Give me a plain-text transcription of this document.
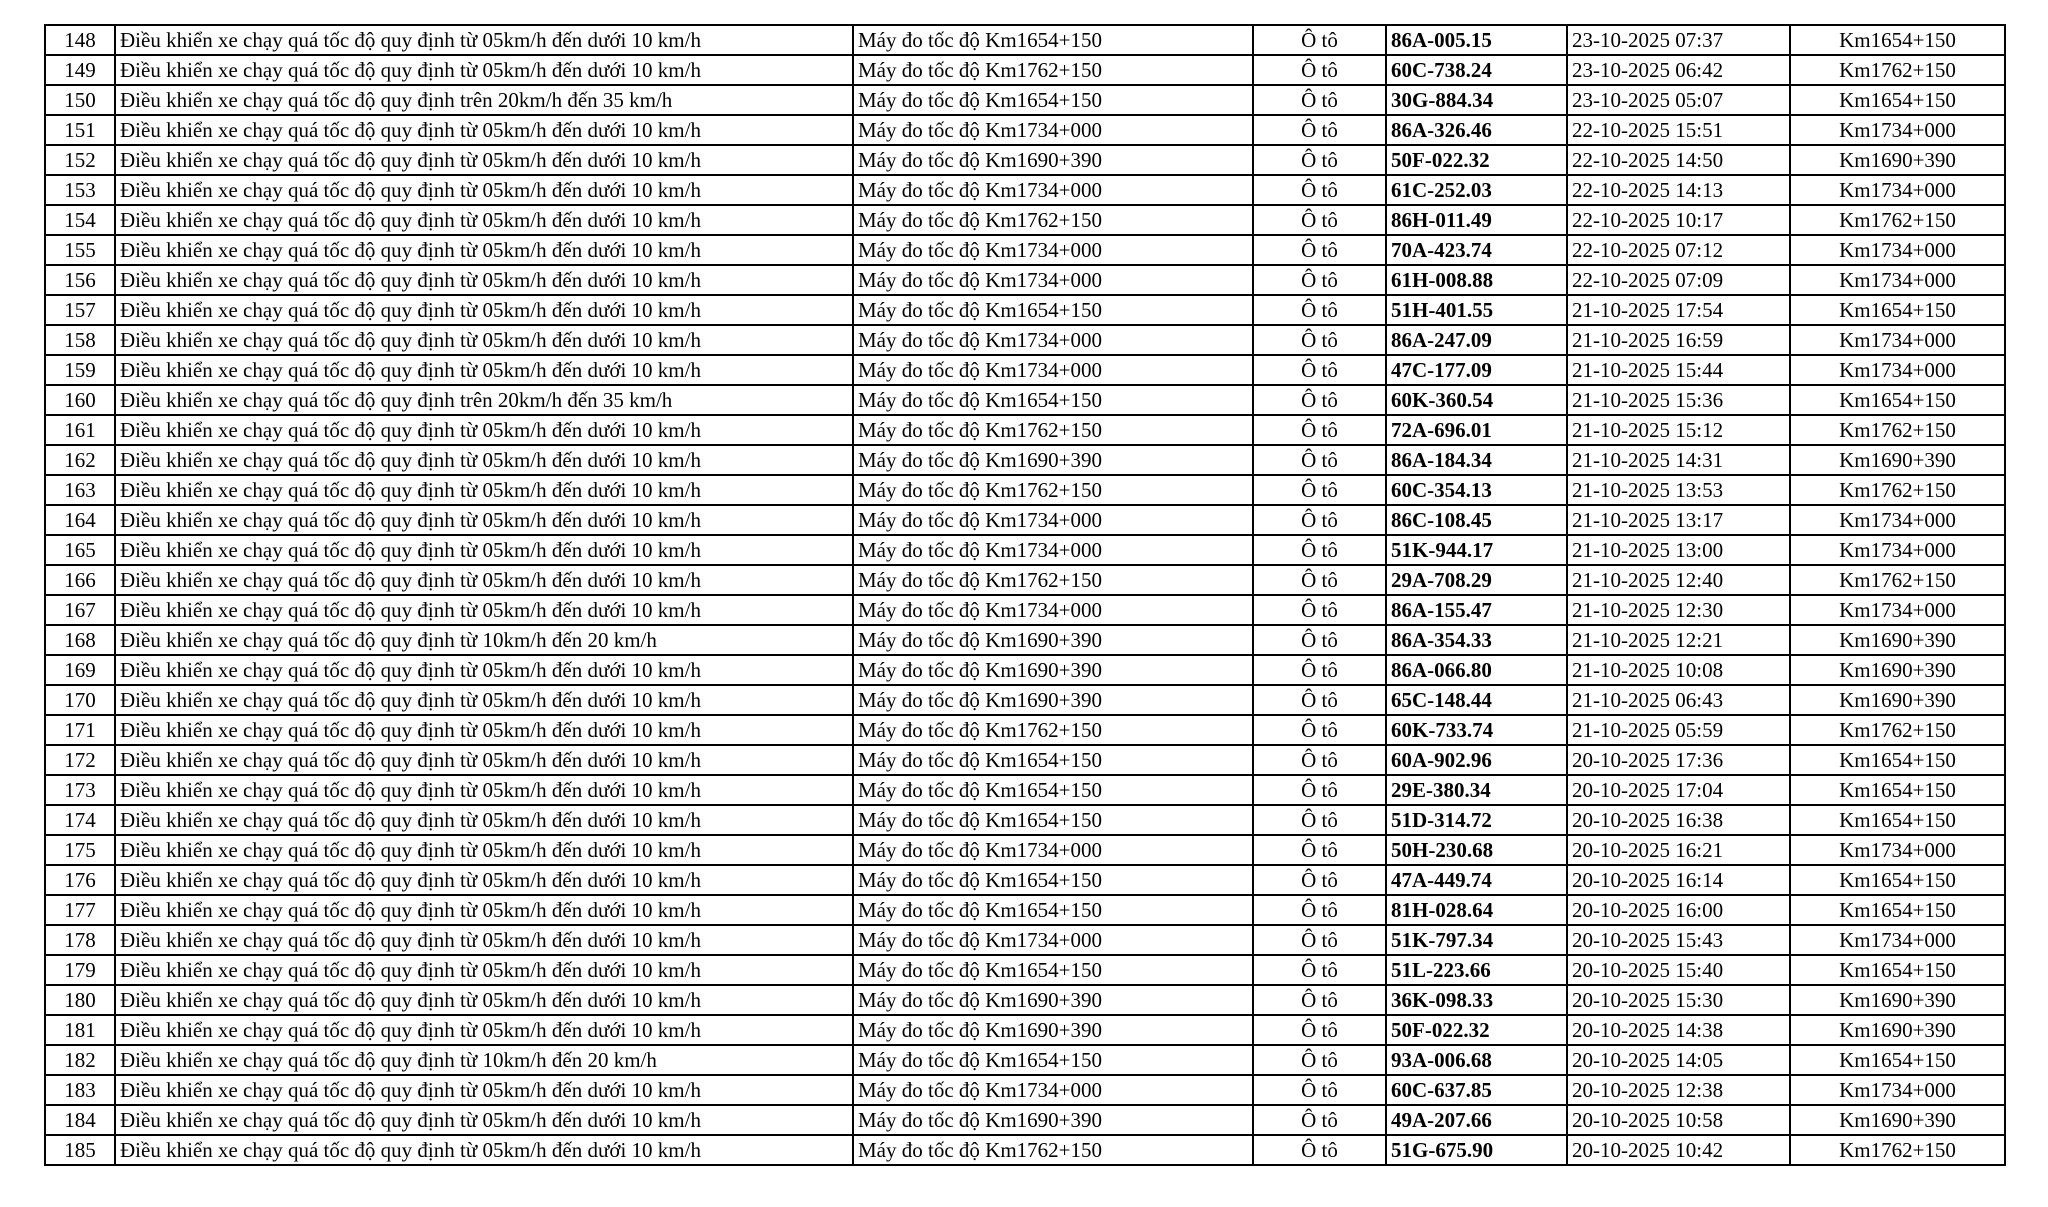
148	Điều khiển xe chạy quá tốc độ quy định từ 05km/h đến dưới 10 km/h	Máy đo tốc độ Km1654+150	Ô tô	86A-005.15	23-10-2025 07:37	Km1654+150
149	Điều khiển xe chạy quá tốc độ quy định từ 05km/h đến dưới 10 km/h	Máy đo tốc độ Km1762+150	Ô tô	60C-738.24	23-10-2025 06:42	Km1762+150
150	Điều khiển xe chạy quá tốc độ quy định trên 20km/h đến 35 km/h	Máy đo tốc độ Km1654+150	Ô tô	30G-884.34	23-10-2025 05:07	Km1654+150
151	Điều khiển xe chạy quá tốc độ quy định từ 05km/h đến dưới 10 km/h	Máy đo tốc độ Km1734+000	Ô tô	86A-326.46	22-10-2025 15:51	Km1734+000
152	Điều khiển xe chạy quá tốc độ quy định từ 05km/h đến dưới 10 km/h	Máy đo tốc độ Km1690+390	Ô tô	50F-022.32	22-10-2025 14:50	Km1690+390
153	Điều khiển xe chạy quá tốc độ quy định từ 05km/h đến dưới 10 km/h	Máy đo tốc độ Km1734+000	Ô tô	61C-252.03	22-10-2025 14:13	Km1734+000
154	Điều khiển xe chạy quá tốc độ quy định từ 05km/h đến dưới 10 km/h	Máy đo tốc độ Km1762+150	Ô tô	86H-011.49	22-10-2025 10:17	Km1762+150
155	Điều khiển xe chạy quá tốc độ quy định từ 05km/h đến dưới 10 km/h	Máy đo tốc độ Km1734+000	Ô tô	70A-423.74	22-10-2025 07:12	Km1734+000
156	Điều khiển xe chạy quá tốc độ quy định từ 05km/h đến dưới 10 km/h	Máy đo tốc độ Km1734+000	Ô tô	61H-008.88	22-10-2025 07:09	Km1734+000
157	Điều khiển xe chạy quá tốc độ quy định từ 05km/h đến dưới 10 km/h	Máy đo tốc độ Km1654+150	Ô tô	51H-401.55	21-10-2025 17:54	Km1654+150
158	Điều khiển xe chạy quá tốc độ quy định từ 05km/h đến dưới 10 km/h	Máy đo tốc độ Km1734+000	Ô tô	86A-247.09	21-10-2025 16:59	Km1734+000
159	Điều khiển xe chạy quá tốc độ quy định từ 05km/h đến dưới 10 km/h	Máy đo tốc độ Km1734+000	Ô tô	47C-177.09	21-10-2025 15:44	Km1734+000
160	Điều khiển xe chạy quá tốc độ quy định trên 20km/h đến 35 km/h	Máy đo tốc độ Km1654+150	Ô tô	60K-360.54	21-10-2025 15:36	Km1654+150
161	Điều khiển xe chạy quá tốc độ quy định từ 05km/h đến dưới 10 km/h	Máy đo tốc độ Km1762+150	Ô tô	72A-696.01	21-10-2025 15:12	Km1762+150
162	Điều khiển xe chạy quá tốc độ quy định từ 05km/h đến dưới 10 km/h	Máy đo tốc độ Km1690+390	Ô tô	86A-184.34	21-10-2025 14:31	Km1690+390
163	Điều khiển xe chạy quá tốc độ quy định từ 05km/h đến dưới 10 km/h	Máy đo tốc độ Km1762+150	Ô tô	60C-354.13	21-10-2025 13:53	Km1762+150
164	Điều khiển xe chạy quá tốc độ quy định từ 05km/h đến dưới 10 km/h	Máy đo tốc độ Km1734+000	Ô tô	86C-108.45	21-10-2025 13:17	Km1734+000
165	Điều khiển xe chạy quá tốc độ quy định từ 05km/h đến dưới 10 km/h	Máy đo tốc độ Km1734+000	Ô tô	51K-944.17	21-10-2025 13:00	Km1734+000
166	Điều khiển xe chạy quá tốc độ quy định từ 05km/h đến dưới 10 km/h	Máy đo tốc độ Km1762+150	Ô tô	29A-708.29	21-10-2025 12:40	Km1762+150
167	Điều khiển xe chạy quá tốc độ quy định từ 05km/h đến dưới 10 km/h	Máy đo tốc độ Km1734+000	Ô tô	86A-155.47	21-10-2025 12:30	Km1734+000
168	Điều khiển xe chạy quá tốc độ quy định từ 10km/h đến 20 km/h	Máy đo tốc độ Km1690+390	Ô tô	86A-354.33	21-10-2025 12:21	Km1690+390
169	Điều khiển xe chạy quá tốc độ quy định từ 05km/h đến dưới 10 km/h	Máy đo tốc độ Km1690+390	Ô tô	86A-066.80	21-10-2025 10:08	Km1690+390
170	Điều khiển xe chạy quá tốc độ quy định từ 05km/h đến dưới 10 km/h	Máy đo tốc độ Km1690+390	Ô tô	65C-148.44	21-10-2025 06:43	Km1690+390
171	Điều khiển xe chạy quá tốc độ quy định từ 05km/h đến dưới 10 km/h	Máy đo tốc độ Km1762+150	Ô tô	60K-733.74	21-10-2025 05:59	Km1762+150
172	Điều khiển xe chạy quá tốc độ quy định từ 05km/h đến dưới 10 km/h	Máy đo tốc độ Km1654+150	Ô tô	60A-902.96	20-10-2025 17:36	Km1654+150
173	Điều khiển xe chạy quá tốc độ quy định từ 05km/h đến dưới 10 km/h	Máy đo tốc độ Km1654+150	Ô tô	29E-380.34	20-10-2025 17:04	Km1654+150
174	Điều khiển xe chạy quá tốc độ quy định từ 05km/h đến dưới 10 km/h	Máy đo tốc độ Km1654+150	Ô tô	51D-314.72	20-10-2025 16:38	Km1654+150
175	Điều khiển xe chạy quá tốc độ quy định từ 05km/h đến dưới 10 km/h	Máy đo tốc độ Km1734+000	Ô tô	50H-230.68	20-10-2025 16:21	Km1734+000
176	Điều khiển xe chạy quá tốc độ quy định từ 05km/h đến dưới 10 km/h	Máy đo tốc độ Km1654+150	Ô tô	47A-449.74	20-10-2025 16:14	Km1654+150
177	Điều khiển xe chạy quá tốc độ quy định từ 05km/h đến dưới 10 km/h	Máy đo tốc độ Km1654+150	Ô tô	81H-028.64	20-10-2025 16:00	Km1654+150
178	Điều khiển xe chạy quá tốc độ quy định từ 05km/h đến dưới 10 km/h	Máy đo tốc độ Km1734+000	Ô tô	51K-797.34	20-10-2025 15:43	Km1734+000
179	Điều khiển xe chạy quá tốc độ quy định từ 05km/h đến dưới 10 km/h	Máy đo tốc độ Km1654+150	Ô tô	51L-223.66	20-10-2025 15:40	Km1654+150
180	Điều khiển xe chạy quá tốc độ quy định từ 05km/h đến dưới 10 km/h	Máy đo tốc độ Km1690+390	Ô tô	36K-098.33	20-10-2025 15:30	Km1690+390
181	Điều khiển xe chạy quá tốc độ quy định từ 05km/h đến dưới 10 km/h	Máy đo tốc độ Km1690+390	Ô tô	50F-022.32	20-10-2025 14:38	Km1690+390
182	Điều khiển xe chạy quá tốc độ quy định từ 10km/h đến 20 km/h	Máy đo tốc độ Km1654+150	Ô tô	93A-006.68	20-10-2025 14:05	Km1654+150
183	Điều khiển xe chạy quá tốc độ quy định từ 05km/h đến dưới 10 km/h	Máy đo tốc độ Km1734+000	Ô tô	60C-637.85	20-10-2025 12:38	Km1734+000
184	Điều khiển xe chạy quá tốc độ quy định từ 05km/h đến dưới 10 km/h	Máy đo tốc độ Km1690+390	Ô tô	49A-207.66	20-10-2025 10:58	Km1690+390
185	Điều khiển xe chạy quá tốc độ quy định từ 05km/h đến dưới 10 km/h	Máy đo tốc độ Km1762+150	Ô tô	51G-675.90	20-10-2025 10:42	Km1762+150
